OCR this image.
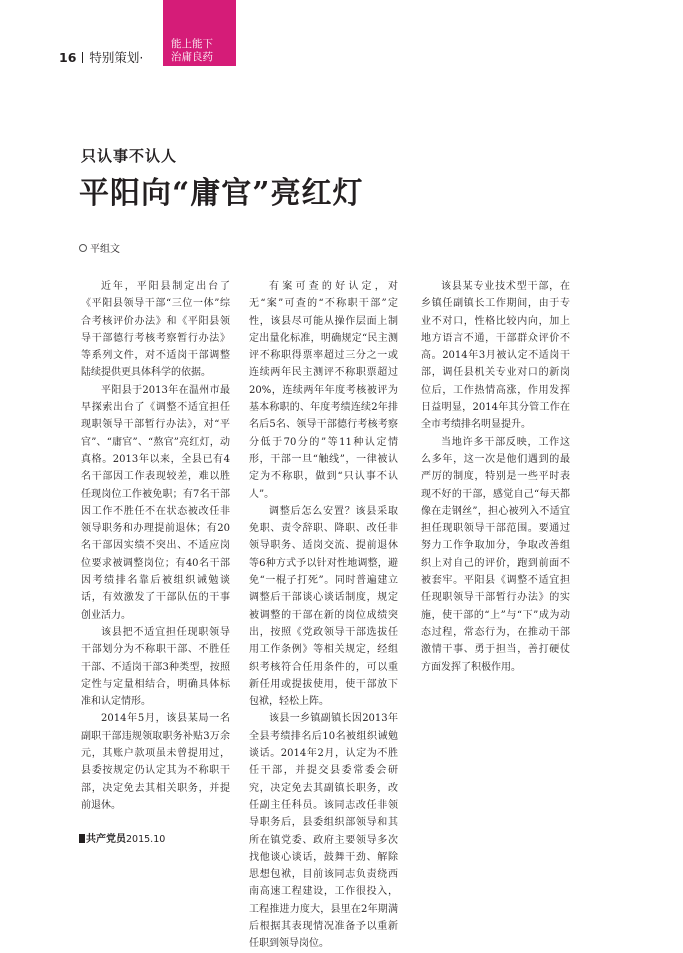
16 特别策划·
能上能下
治庸良药
只认事不认人
平阳向“庸官”亮红灯
平组文

近年，平阳县制定出台了《平阳县领导干部“三位一体”综合考核评价办法》和《平阳县领导干部德行考核考察暂行办法》等系列文件，对不适岗干部调整陆续提供更具体科学的依据。

平阳县于2013年在温州市最早探索出台了《调整不适宜担任现职领导干部暂行办法》，对“平官”、“庸官”、“熬官”亮红灯，动真格。2013年以来，全县已有4名干部因工作表现较差，难以胜任现岗位工作被免职；有7名干部因工作不胜任不在状态被改任非领导职务和办理提前退休；有20名干部因实绩不突出、不适应岗位要求被调整岗位；有40名干部因考绩排名靠后被组织诫勉谈话，有效激发了干部队伍的干事创业活力。

该县把不适宜担任现职领导干部划分为不称职干部、不胜任干部、不适岗干部3种类型，按照定性与定量相结合，明确具体标准和认定情形。

2014年5月，该县某局一名副职干部违规领取职务补贴3万余元，其账户款项虽未曾提用过，县委按规定仍认定其为不称职干部，决定免去其相关职务，并提前退休。

有案可查的好认定，对无“案”可查的“不称职干部”定性，该县尽可能从操作层面上制定出量化标准，明确规定“民主测评不称职得票率超过三分之一或连续两年民主测评不称职票超过20%，连续两年年度考核被评为基本称职的、年度考绩连续2年排名后5名、领导干部德行考核考察分低于70分的”等11种认定情形，干部一旦“触线”，一律被认定为不称职，做到“只认事不认人”。

调整后怎么安置？该县采取免职、责令辞职、降职、改任非领导职务、适岗交流、提前退休等6种方式予以针对性地调整，避免“一棍子打死”。同时普遍建立调整后干部谈心谈话制度，规定被调整的干部在新的岗位成绩突出，按照《党政领导干部选拔任用工作条例》等相关规定，经组织考核符合任用条件的，可以重新任用或提拔使用，使干部放下包袱，轻松上阵。

该县一乡镇副镇长因2013年全县考绩排名后10名被组织诫勉谈话。2014年2月，认定为不胜任干部，并提交县委常委会研究，决定免去其副镇长职务，改任副主任科员。该同志改任非领导职务后，县委组织部领导和其所在镇党委、政府主要领导多次找他谈心谈话，鼓舞干劲、解除思想包袱，目前该同志负责绕西南高速工程建设，工作很投入，工程推进力度大，县里在2年期满后根据其表现情况准备予以重新任职到领导岗位。

该县某专业技术型干部，在乡镇任副镇长工作期间，由于专业不对口，性格比较内向，加上地方语言不通，干部群众评价不高。2014年3月被认定不适岗干部，调任县机关专业对口的新岗位后，工作热情高涨，作用发挥日益明显，2014年其分管工作在全市考绩排名明显提升。

当地许多干部反映，工作这么多年，这一次是他们遇到的最严厉的制度，特别是一些平时表现不好的干部，感觉自己“每天都像在走钢丝”，担心被列入不适宜担任现职领导干部范围。要通过努力工作争取加分，争取改善组织上对自己的评价，跑到前面不被套牢。平阳县《调整不适宜担任现职领导干部暂行办法》的实施，使干部的“上”与“下”成为动态过程，常态行为，在推动干部激情干事、勇于担当，善打硬仗方面发挥了积极作用。

共产党员2015.10
